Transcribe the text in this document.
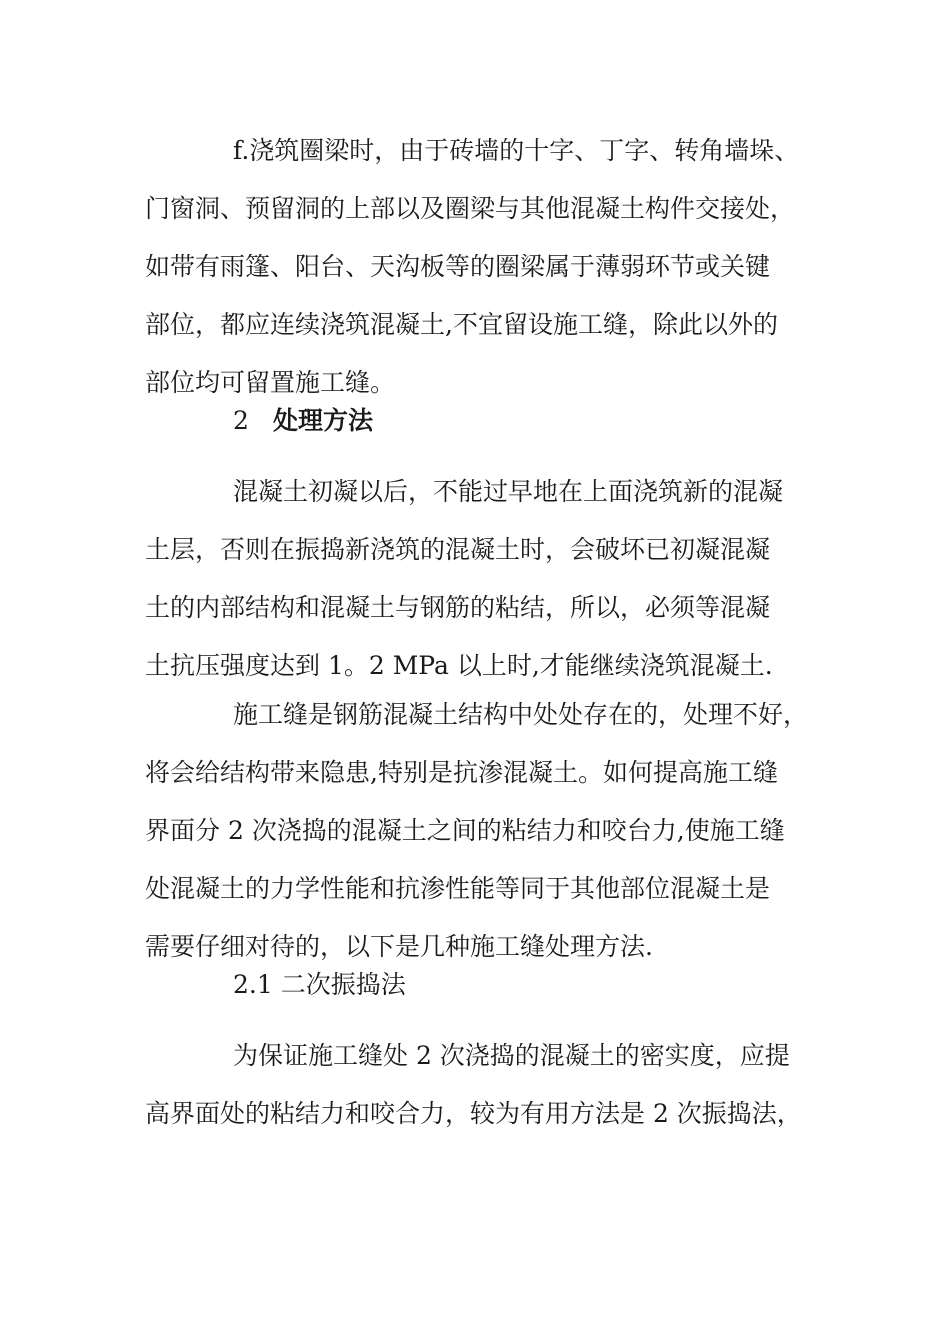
f.浇筑圈梁时，由于砖墙的十字、丁字、转角墙垛、
门窗洞、预留洞的上部以及圈梁与其他混凝土构件交接处，
如带有雨篷、阳台、天沟板等的圈梁属于薄弱环节或关键
部位，都应连续浇筑混凝土,不宜留设施工缝，除此以外的
部位均可留置施工缝。
2 处理方法
混凝土初凝以后，不能过早地在上面浇筑新的混凝
土层，否则在振捣新浇筑的混凝土时，会破坏已初凝混凝
土的内部结构和混凝土与钢筋的粘结，所以，必须等混凝
土抗压强度达到 1。2 MPa 以上时,才能继续浇筑混凝土.
施工缝是钢筋混凝土结构中处处存在的，处理不好，
将会给结构带来隐患,特别是抗渗混凝土。如何提高施工缝
界面分 2 次浇捣的混凝土之间的粘结力和咬台力,使施工缝
处混凝土的力学性能和抗渗性能等同于其他部位混凝土是
需要仔细对待的，以下是几种施工缝处理方法.
2.1 二次振捣法
为保证施工缝处 2 次浇捣的混凝土的密实度，应提
高界面处的粘结力和咬合力，较为有用方法是 2 次振捣法，
